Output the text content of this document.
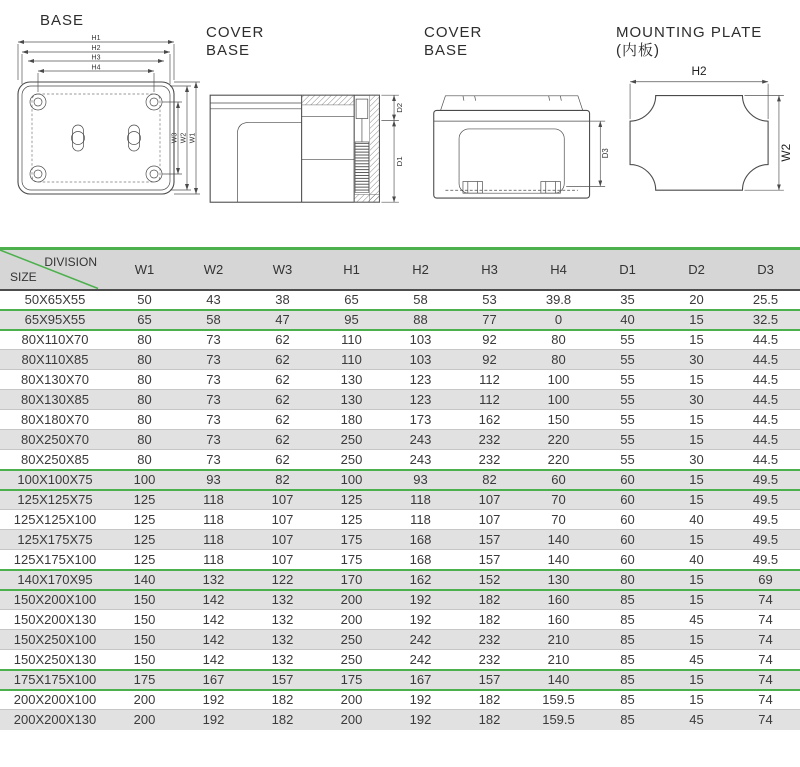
BASE
H1
H2
H3
H4
W3 W2 W1
COVER
BASE
D2
D1
COVER
BASE
D3
MOUNTING PLATE
(内板)
H2
W2
DIVISION
SIZE	W1	W2	W3	H1	H2	H3	H4	D1	D2	D3
50X65X55	50	43	38	65	58	53	39.8	35	20	25.5
65X95X55	65	58	47	95	88	77	0	40	15	32.5
80X110X70	80	73	62	110	103	92	80	55	15	44.5
80X110X85	80	73	62	110	103	92	80	55	30	44.5
80X130X70	80	73	62	130	123	112	100	55	15	44.5
80X130X85	80	73	62	130	123	112	100	55	30	44.5
80X180X70	80	73	62	180	173	162	150	55	15	44.5
80X250X70	80	73	62	250	243	232	220	55	15	44.5
80X250X85	80	73	62	250	243	232	220	55	30	44.5
100X100X75	100	93	82	100	93	82	60	60	15	49.5
125X125X75	125	118	107	125	118	107	70	60	15	49.5
125X125X100	125	118	107	125	118	107	70	60	40	49.5
125X175X75	125	118	107	175	168	157	140	60	15	49.5
125X175X100	125	118	107	175	168	157	140	60	40	49.5
140X170X95	140	132	122	170	162	152	130	80	15	69
150X200X100	150	142	132	200	192	182	160	85	15	74
150X200X130	150	142	132	200	192	182	160	85	45	74
150X250X100	150	142	132	250	242	232	210	85	15	74
150X250X130	150	142	132	250	242	232	210	85	45	74
175X175X100	175	167	157	175	167	157	140	85	15	74
200X200X100	200	192	182	200	192	182	159.5	85	15	74
200X200X130	200	192	182	200	192	182	159.5	85	45	74
